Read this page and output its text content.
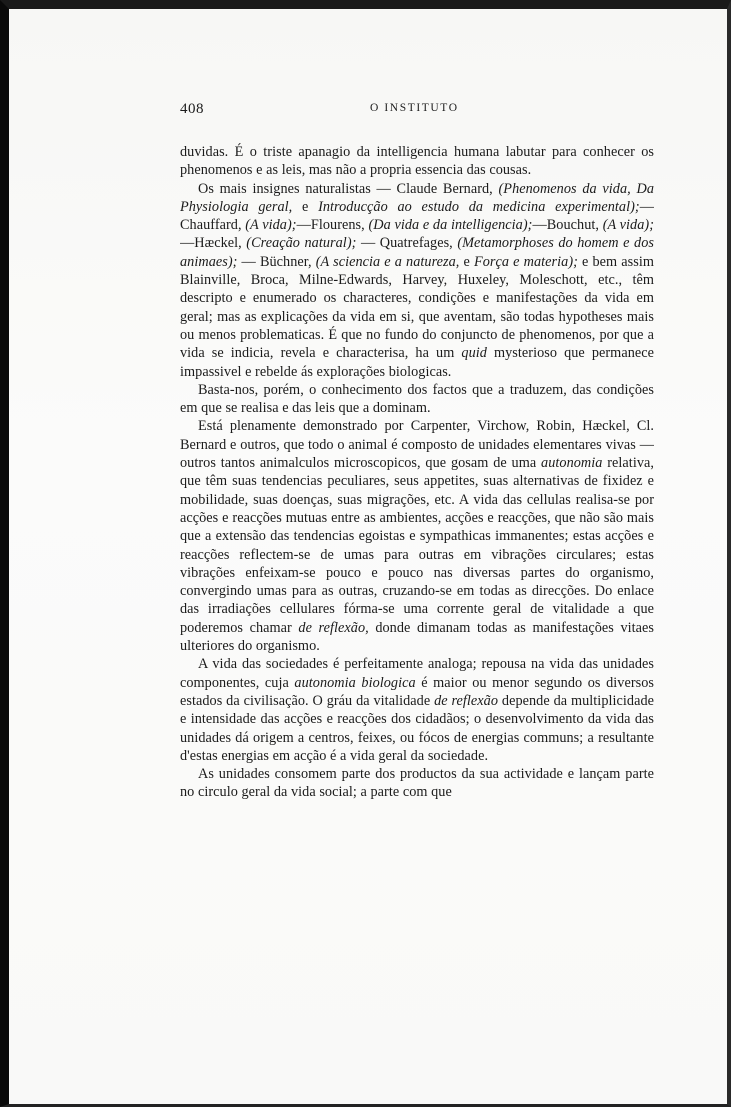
408	O INSTITUTO

duvidas. É o triste apanagio da intelligencia humana labutar para conhecer os phenomenos e as leis, mas não a propria essencia das cousas.

Os mais insignes naturalistas — Claude Bernard, (Phenomenos da vida, Da Physiologia geral, e Introducção ao estudo da medicina experimental);—Chauffard, (A vida);—Flourens, (Da vida e da intelligencia);—Bouchut, (A vida);—Hæckel, (Creação natural); — Quatrefages, (Metamorphoses do homem e dos animaes); — Büchner, (A sciencia e a natureza, e Força e materia); e bem assim Blainville, Broca, Milne-Edwards, Harvey, Huxeley, Moleschott, etc., têm descripto e enumerado os characteres, condições e manifestações da vida em geral; mas as explicações da vida em si, que aventam, são todas hypotheses mais ou menos problematicas. É que no fundo do conjuncto de phenomenos, por que a vida se indicia, revela e characterisa, ha um quid mysterioso que permanece impassivel e rebelde ás explorações biologicas.

Basta-nos, porém, o conhecimento dos factos que a traduzem, das condições em que se realisa e das leis que a dominam.

Está plenamente demonstrado por Carpenter, Virchow, Robin, Hæckel, Cl. Bernard e outros, que todo o animal é composto de unidades elementares vivas — outros tantos animalculos microscopicos, que gosam de uma autonomia relativa, que têm suas tendencias peculiares, seus appetites, suas alternativas de fixidez e mobilidade, suas doenças, suas migrações, etc. A vida das cellulas realisa-se por acções e reacções mutuas entre as ambientes, acções e reacções, que não são mais que a extensão das tendencias egoistas e sympathicas immanentes; estas acções e reacções reflectem-se de umas para outras em vibrações circulares; estas vibrações enfeixam-se pouco e pouco nas diversas partes do organismo, convergindo umas para as outras, cruzando-se em todas as direcções. Do enlace das irradiações cellulares fórma-se uma corrente geral de vitalidade a que poderemos chamar de reflexão, donde dimanam todas as manifestações vitaes ulteriores do organismo.

A vida das sociedades é perfeitamente analoga; repousa na vida das unidades componentes, cuja autonomia biologica é maior ou menor segundo os diversos estados da civilisação. O gráu da vitalidade de reflexão depende da multiplicidade e intensidade das acções e reacções dos cidadãos; o desenvolvimento da vida das unidades dá origem a centros, feixes, ou fócos de energias communs; a resultante d'estas energias em acção é a vida geral da sociedade.

As unidades consomem parte dos productos da sua actividade e lançam parte no circulo geral da vida social; a parte com que
